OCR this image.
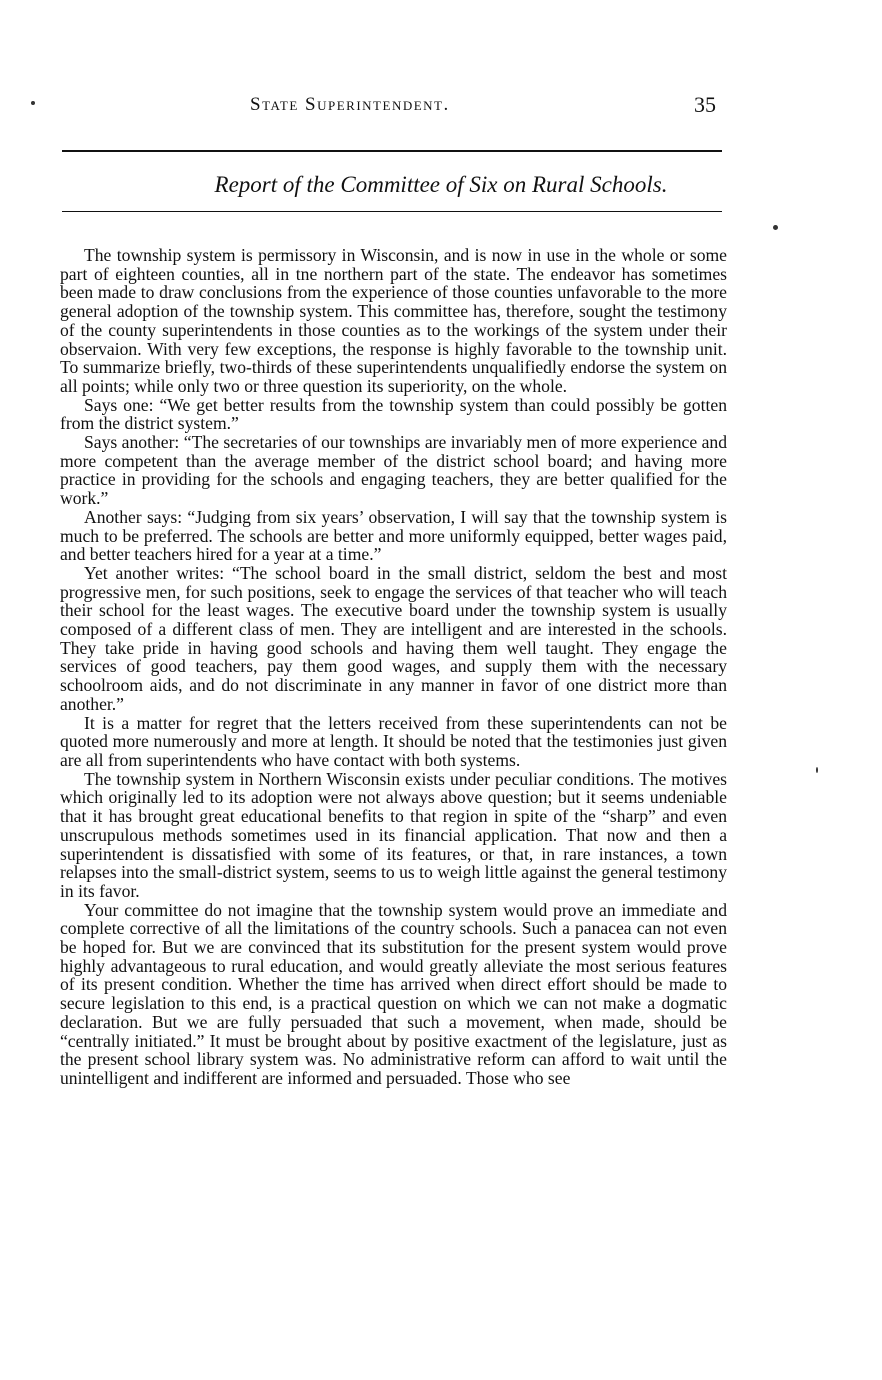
State Superintendent.	35
Report of the Committee of Six on Rural Schools.

The township system is permissory in Wisconsin, and is now in use in the whole or some part of eighteen counties, all in tne northern part of the state. The endeavor has sometimes been made to draw conclusions from the experience of those counties unfavorable to the more general adoption of the township system. This committee has, therefore, sought the testimony of the county superintendents in those counties as to the workings of the system under their observaion. With very few exceptions, the response is highly favorable to the township unit. To summarize briefly, two-thirds of these superintendents unqualifiedly endorse the system on all points; while only two or three question its superiority, on the whole.

Says one: “We get better results from the township system than could possibly be gotten from the district system.”

Says another: “The secretaries of our townships are invariably men of more experience and more competent than the average member of the district school board; and having more practice in providing for the schools and engaging teachers, they are better qualified for the work.”

Another says: “Judging from six years’ observation, I will say that the township system is much to be preferred. The schools are better and more uniformly equipped, better wages paid, and better teachers hired for a year at a time.”

Yet another writes: “The school board in the small district, seldom the best and most progressive men, for such positions, seek to engage the services of that teacher who will teach their school for the least wages. The executive board under the township system is usually composed of a different class of men. They are intelligent and are interested in the schools. They take pride in having good schools and having them well taught. They engage the services of good teachers, pay them good wages, and supply them with the necessary schoolroom aids, and do not discriminate in any manner in favor of one district more than another.”

It is a matter for regret that the letters received from these superintendents can not be quoted more numerously and more at length. It should be noted that the testimonies just given are all from superintendents who have contact with both systems.

The township system in Northern Wisconsin exists under peculiar conditions. The motives which originally led to its adoption were not always above question; but it seems undeniable that it has brought great educational benefits to that region in spite of the “sharp” and even unscrupulous methods sometimes used in its financial application. That now and then a superintendent is dissatisfied with some of its features, or that, in rare instances, a town relapses into the small-district system, seems to us to weigh little against the general testimony in its favor.

Your committee do not imagine that the township system would prove an immediate and complete corrective of all the limitations of the country schools. Such a panacea can not even be hoped for. But we are convinced that its substitution for the present system would prove highly advantageous to rural education, and would greatly alleviate the most serious features of its present condition. Whether the time has arrived when direct effort should be made to secure legislation to this end, is a practical question on which we can not make a dogmatic declaration. But we are fully persuaded that such a movement, when made, should be “centrally initiated.” It must be brought about by positive exactment of the legislature, just as the present school library system was. No administrative reform can afford to wait until the unintelligent and indifferent are informed and persuaded. Those who see
